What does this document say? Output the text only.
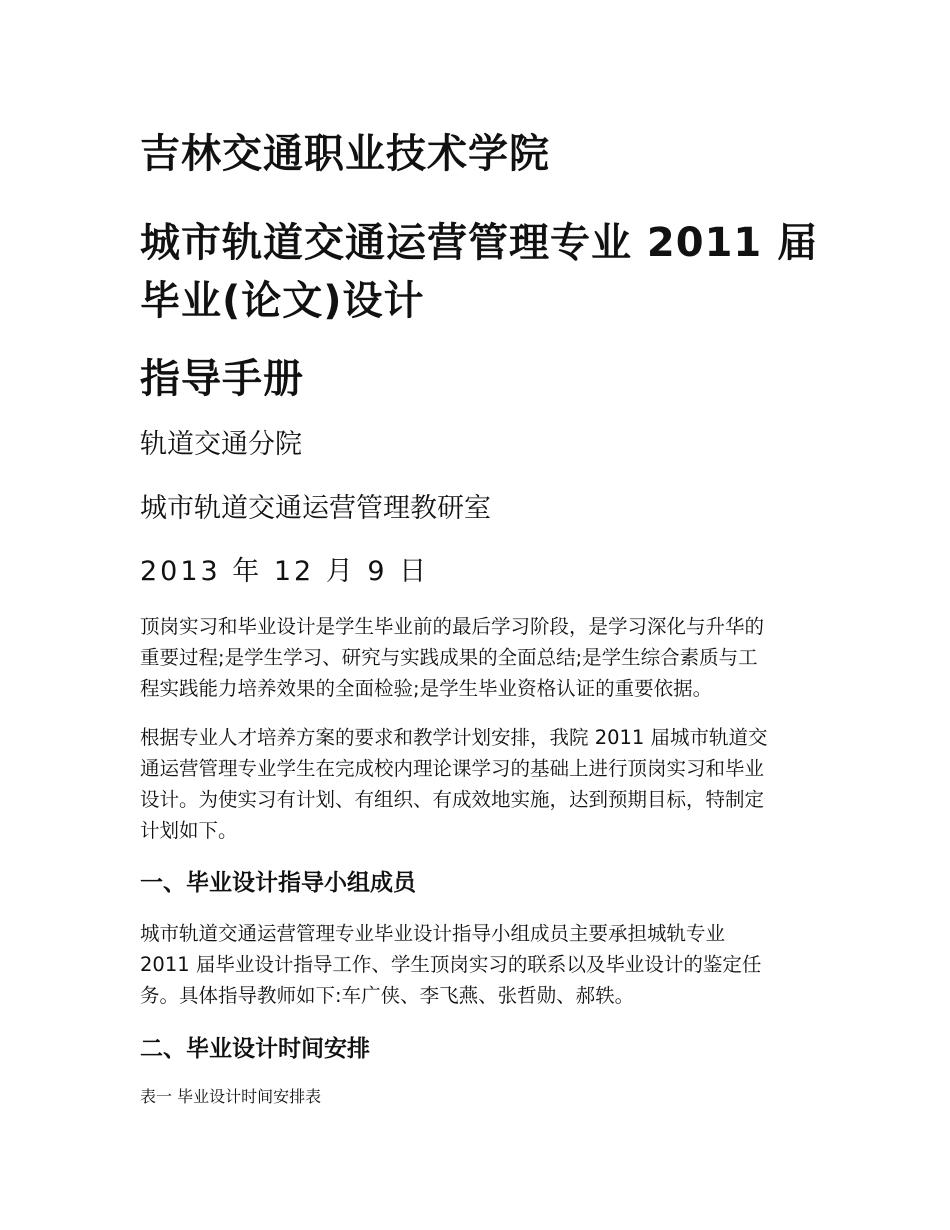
吉林交通职业技术学院
城市轨道交通运营管理专业 2011 届
毕业(论文)设计
指导手册
轨道交通分院
城市轨道交通运营管理教研室
2013 年 12 月 9 日
顶岗实习和毕业设计是学生毕业前的最后学习阶段，是学习深化与升华的
重要过程;是学生学习、研究与实践成果的全面总结;是学生综合素质与工
程实践能力培养效果的全面检验;是学生毕业资格认证的重要依据。
根据专业人才培养方案的要求和教学计划安排，我院 2011 届城市轨道交
通运营管理专业学生在完成校内理论课学习的基础上进行顶岗实习和毕业
设计。为使实习有计划、有组织、有成效地实施，达到预期目标，特制定
计划如下。
一、毕业设计指导小组成员
城市轨道交通运营管理专业毕业设计指导小组成员主要承担城轨专业
2011 届毕业设计指导工作、学生顶岗实习的联系以及毕业设计的鉴定任
务。具体指导教师如下:车广侠、李飞燕、张哲勋、郝轶。
二、毕业设计时间安排
表一 毕业设计时间安排表
